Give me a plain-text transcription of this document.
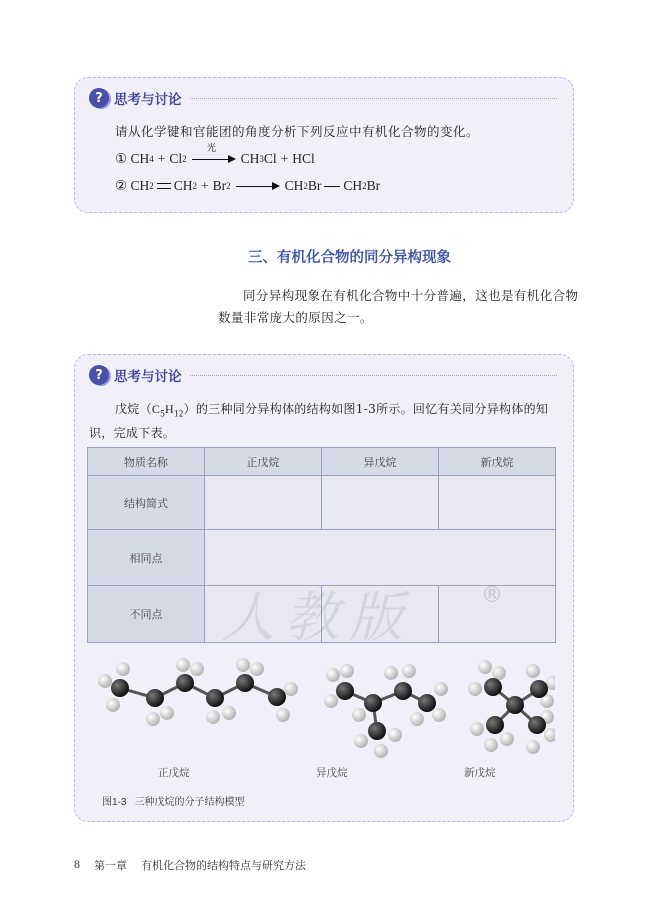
? 思考与讨论
请从化学键和官能团的角度分析下列反应中有机化合物的变化。
①
CH 4 + Cl 2
光
CH 3 Cl + HCl
②
CH 2 CH 2 + Br 2	CH 2 Br CH 2 Br
三、有机化合物的同分异构现象
同分异构现象在有机化合物中十分普遍，这也是有机化合物数量非常庞大的原因之一。
? 思考与讨论
戊烷$(C_5H_{12})$的三种同分异构体的结构如图1-3所示。回忆有关同分异构体的知识，完成下表。
物质名称	正戊烷	异戊烷	新戊烷
结构简式			
相同点			
不同点			
®
正戊烷	异戊烷	新戊烷
图1-3 三种戊烷的分子结构模型
8 第一章 有机化合物的结构特点与研究方法
